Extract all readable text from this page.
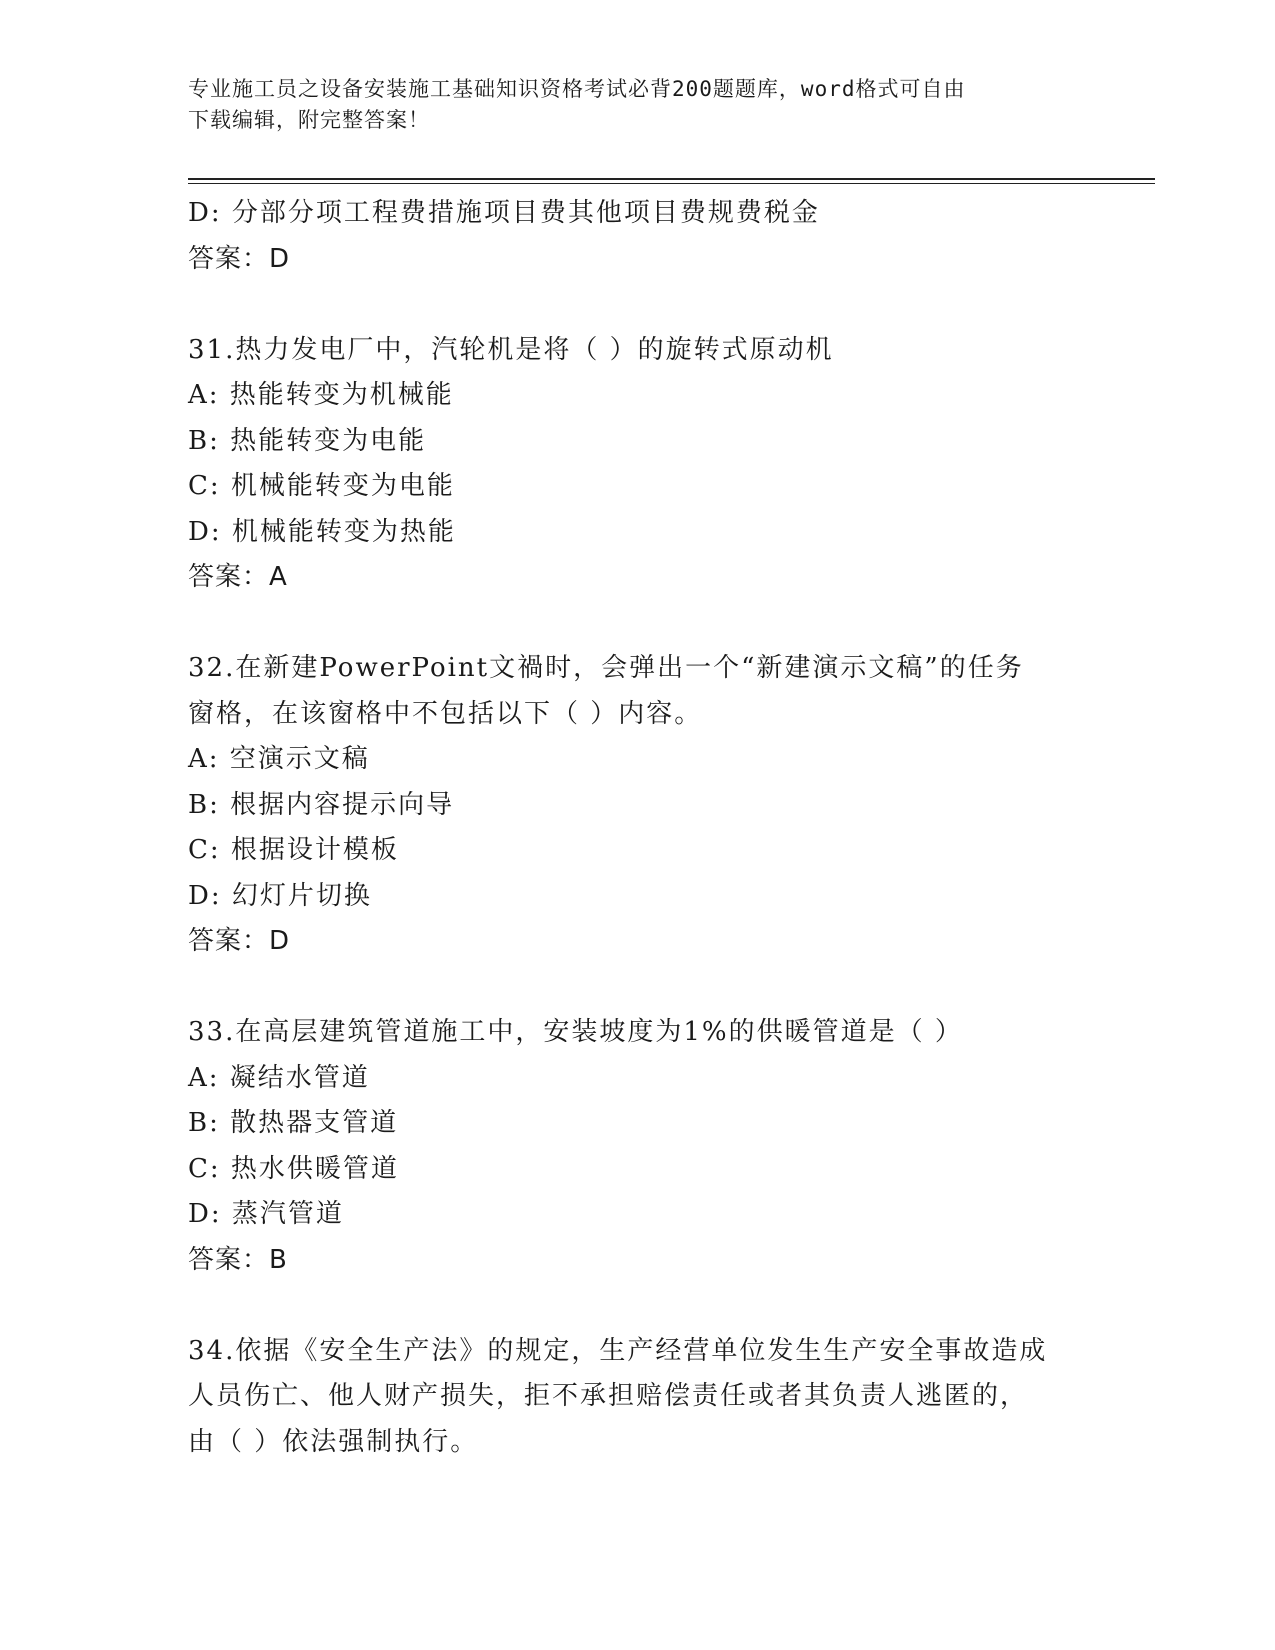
专业施工员之设备安装施工基础知识资格考试必背200题题库，word格式可自由
下载编辑，附完整答案！
D: 分部分项工程费措施项目费其他项目费规费税金
答案：D
31.热力发电厂中，汽轮机是将（ ）的旋转式原动机
A: 热能转变为机械能
B: 热能转变为电能
C: 机械能转变为电能
D: 机械能转变为热能
答案：A
32.在新建PowerPoint文禍时，会弹出一个“新建演示文稿”的任务
窗格，在该窗格中不包括以下（ ）内容。
A: 空演示文稿
B: 根据内容提示向导
C: 根据设计模板
D: 幻灯片切换
答案：D
33.在高层建筑管道施工中，安装坡度为1%的供暖管道是（ ）
A: 凝结水管道
B: 散热器支管道
C: 热水供暖管道
D: 蒸汽管道
答案：B
34.依据《安全生产法》的规定，生产经营单位发生生产安全事故造成
人员伤亡、他人财产损失，拒不承担赔偿责任或者其负责人逃匿的，
由（ ）依法强制执行。
